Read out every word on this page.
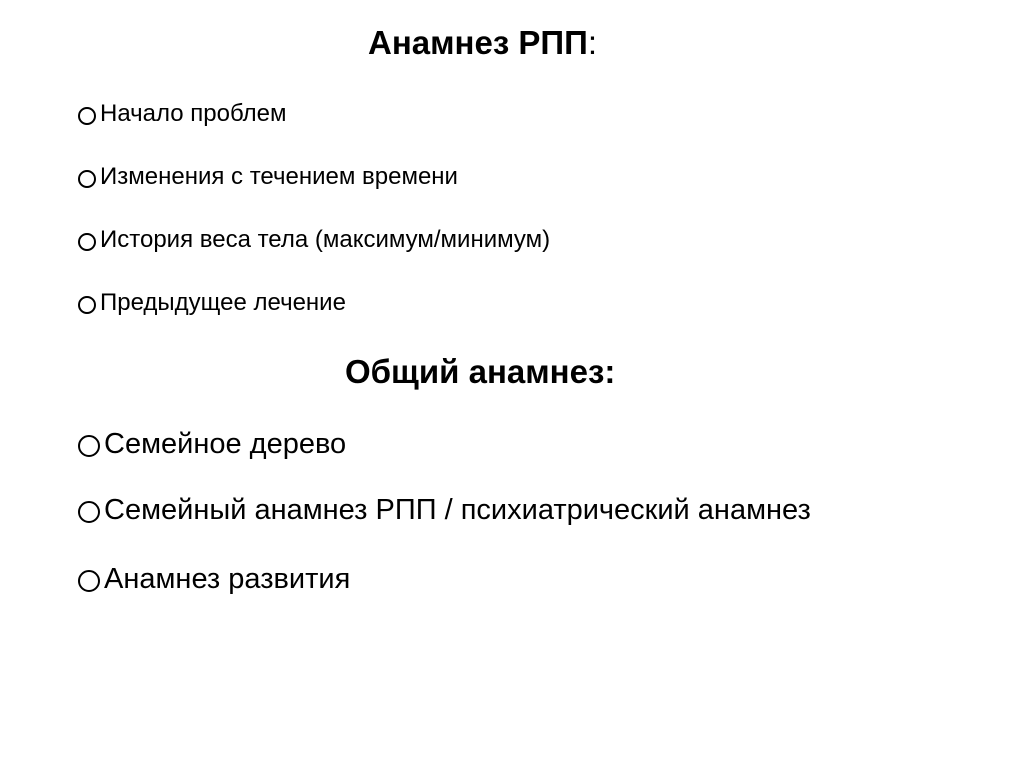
Анамнез РПП:
Начало проблем
Изменения с течением времени
История веса тела (максимум/минимум)
Предыдущее лечение
Общий анамнез:
Семейное дерево
Семейный анамнез РПП / психиатрический анамнез
Анамнез развития
